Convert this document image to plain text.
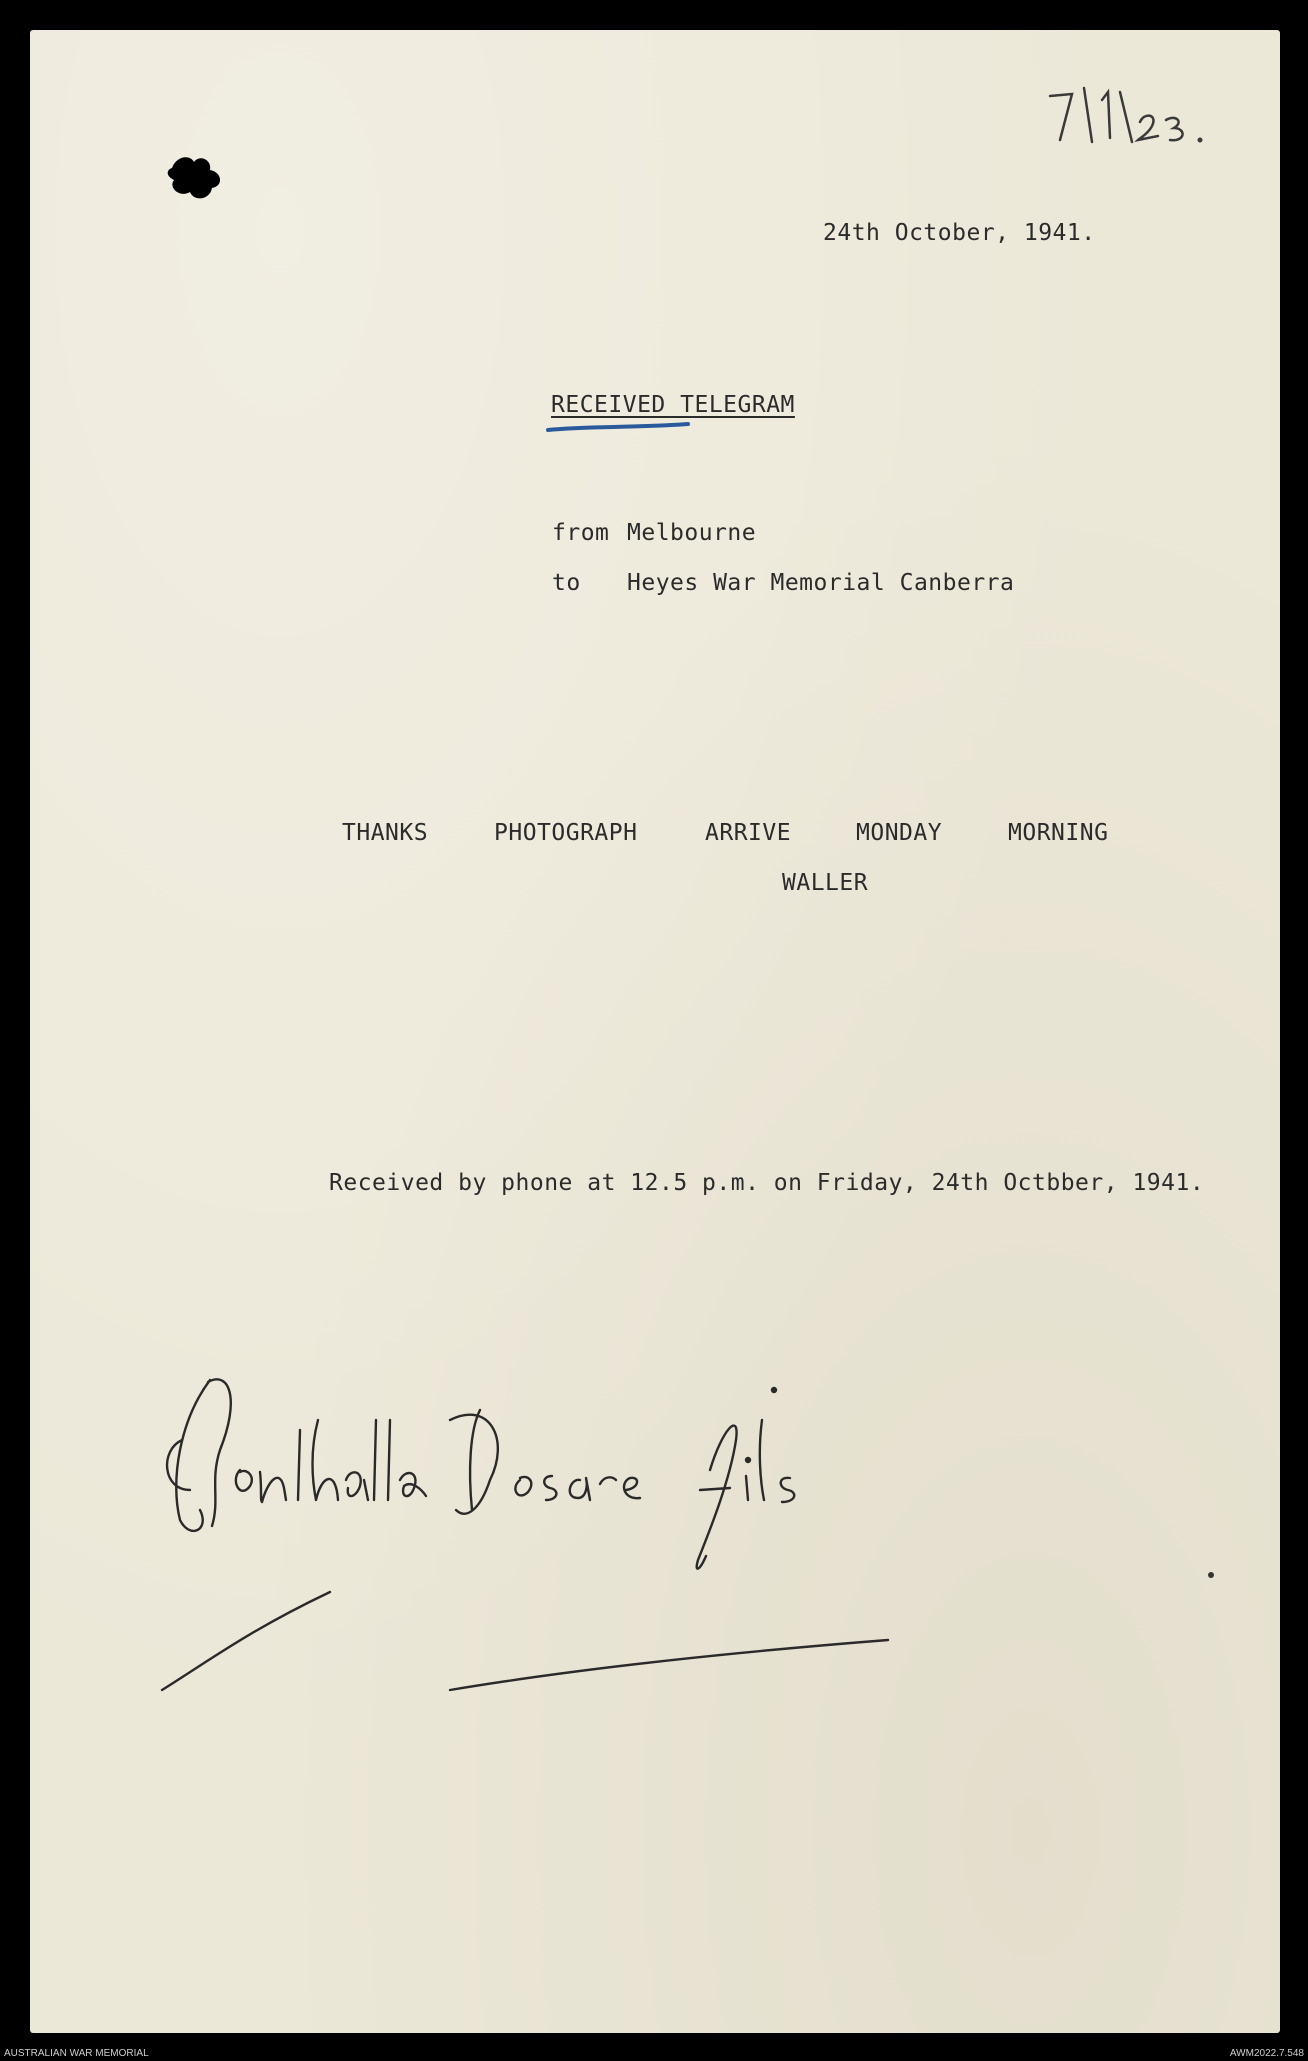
24th October, 1941.
RECEIVED TELEGRAM
from Melbourne
to Heyes War Memorial Canberra
THANKS	PHOTOGRAPH	ARRIVE	MONDAY	MORNING
WALLER
Received by phone at 12.5 p.m. on Friday, 24th Octbber, 1941.
AUSTRALIAN WAR MEMORIAL	AWM2022.7.548
